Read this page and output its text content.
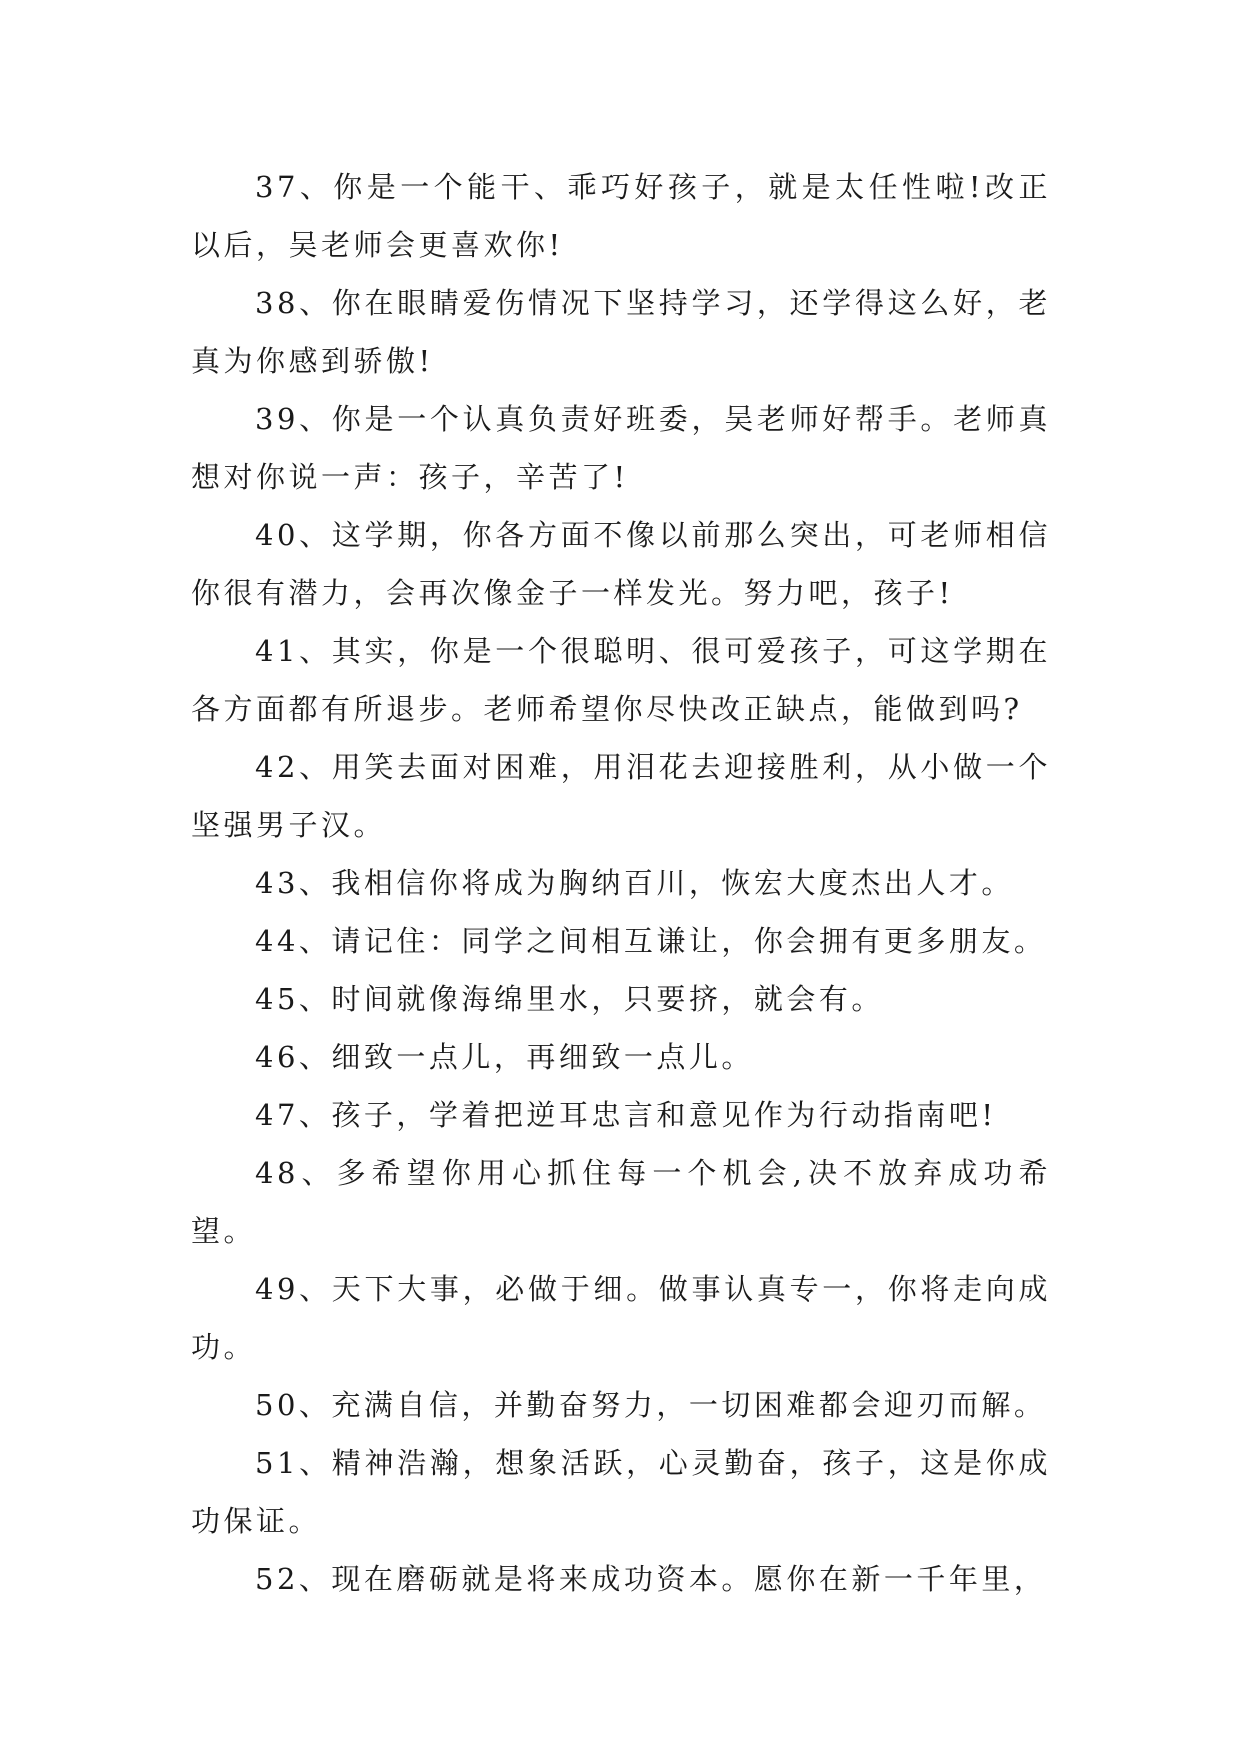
37、你是一个能干、乖巧好孩子，就是太任性啦!改正以后，吴老师会更喜欢你!

38、你在眼睛爱伤情况下坚持学习，还学得这么好，老真为你感到骄傲!

39、你是一个认真负责好班委，吴老师好帮手。老师真想对你说一声：孩子，辛苦了!

40、这学期，你各方面不像以前那么突出，可老师相信你很有潜力，会再次像金子一样发光。努力吧，孩子!

41、其实，你是一个很聪明、很可爱孩子，可这学期在各方面都有所退步。老师希望你尽快改正缺点，能做到吗?

42、用笑去面对困难，用泪花去迎接胜利，从小做一个坚强男子汉。

43、我相信你将成为胸纳百川，恢宏大度杰出人才。

44、请记住：同学之间相互谦让，你会拥有更多朋友。

45、时间就像海绵里水，只要挤，就会有。

46、细致一点儿，再细致一点儿。

47、孩子，学着把逆耳忠言和意见作为行动指南吧!

48、多希望你用心抓住每一个机会,决不放弃成功希望。

49、天下大事，必做于细。做事认真专一，你将走向成功。

50、充满自信，并勤奋努力，一切困难都会迎刃而解。

51、精神浩瀚，想象活跃，心灵勤奋，孩子，这是你成功保证。

52、现在磨砺就是将来成功资本。愿你在新一千年里，
